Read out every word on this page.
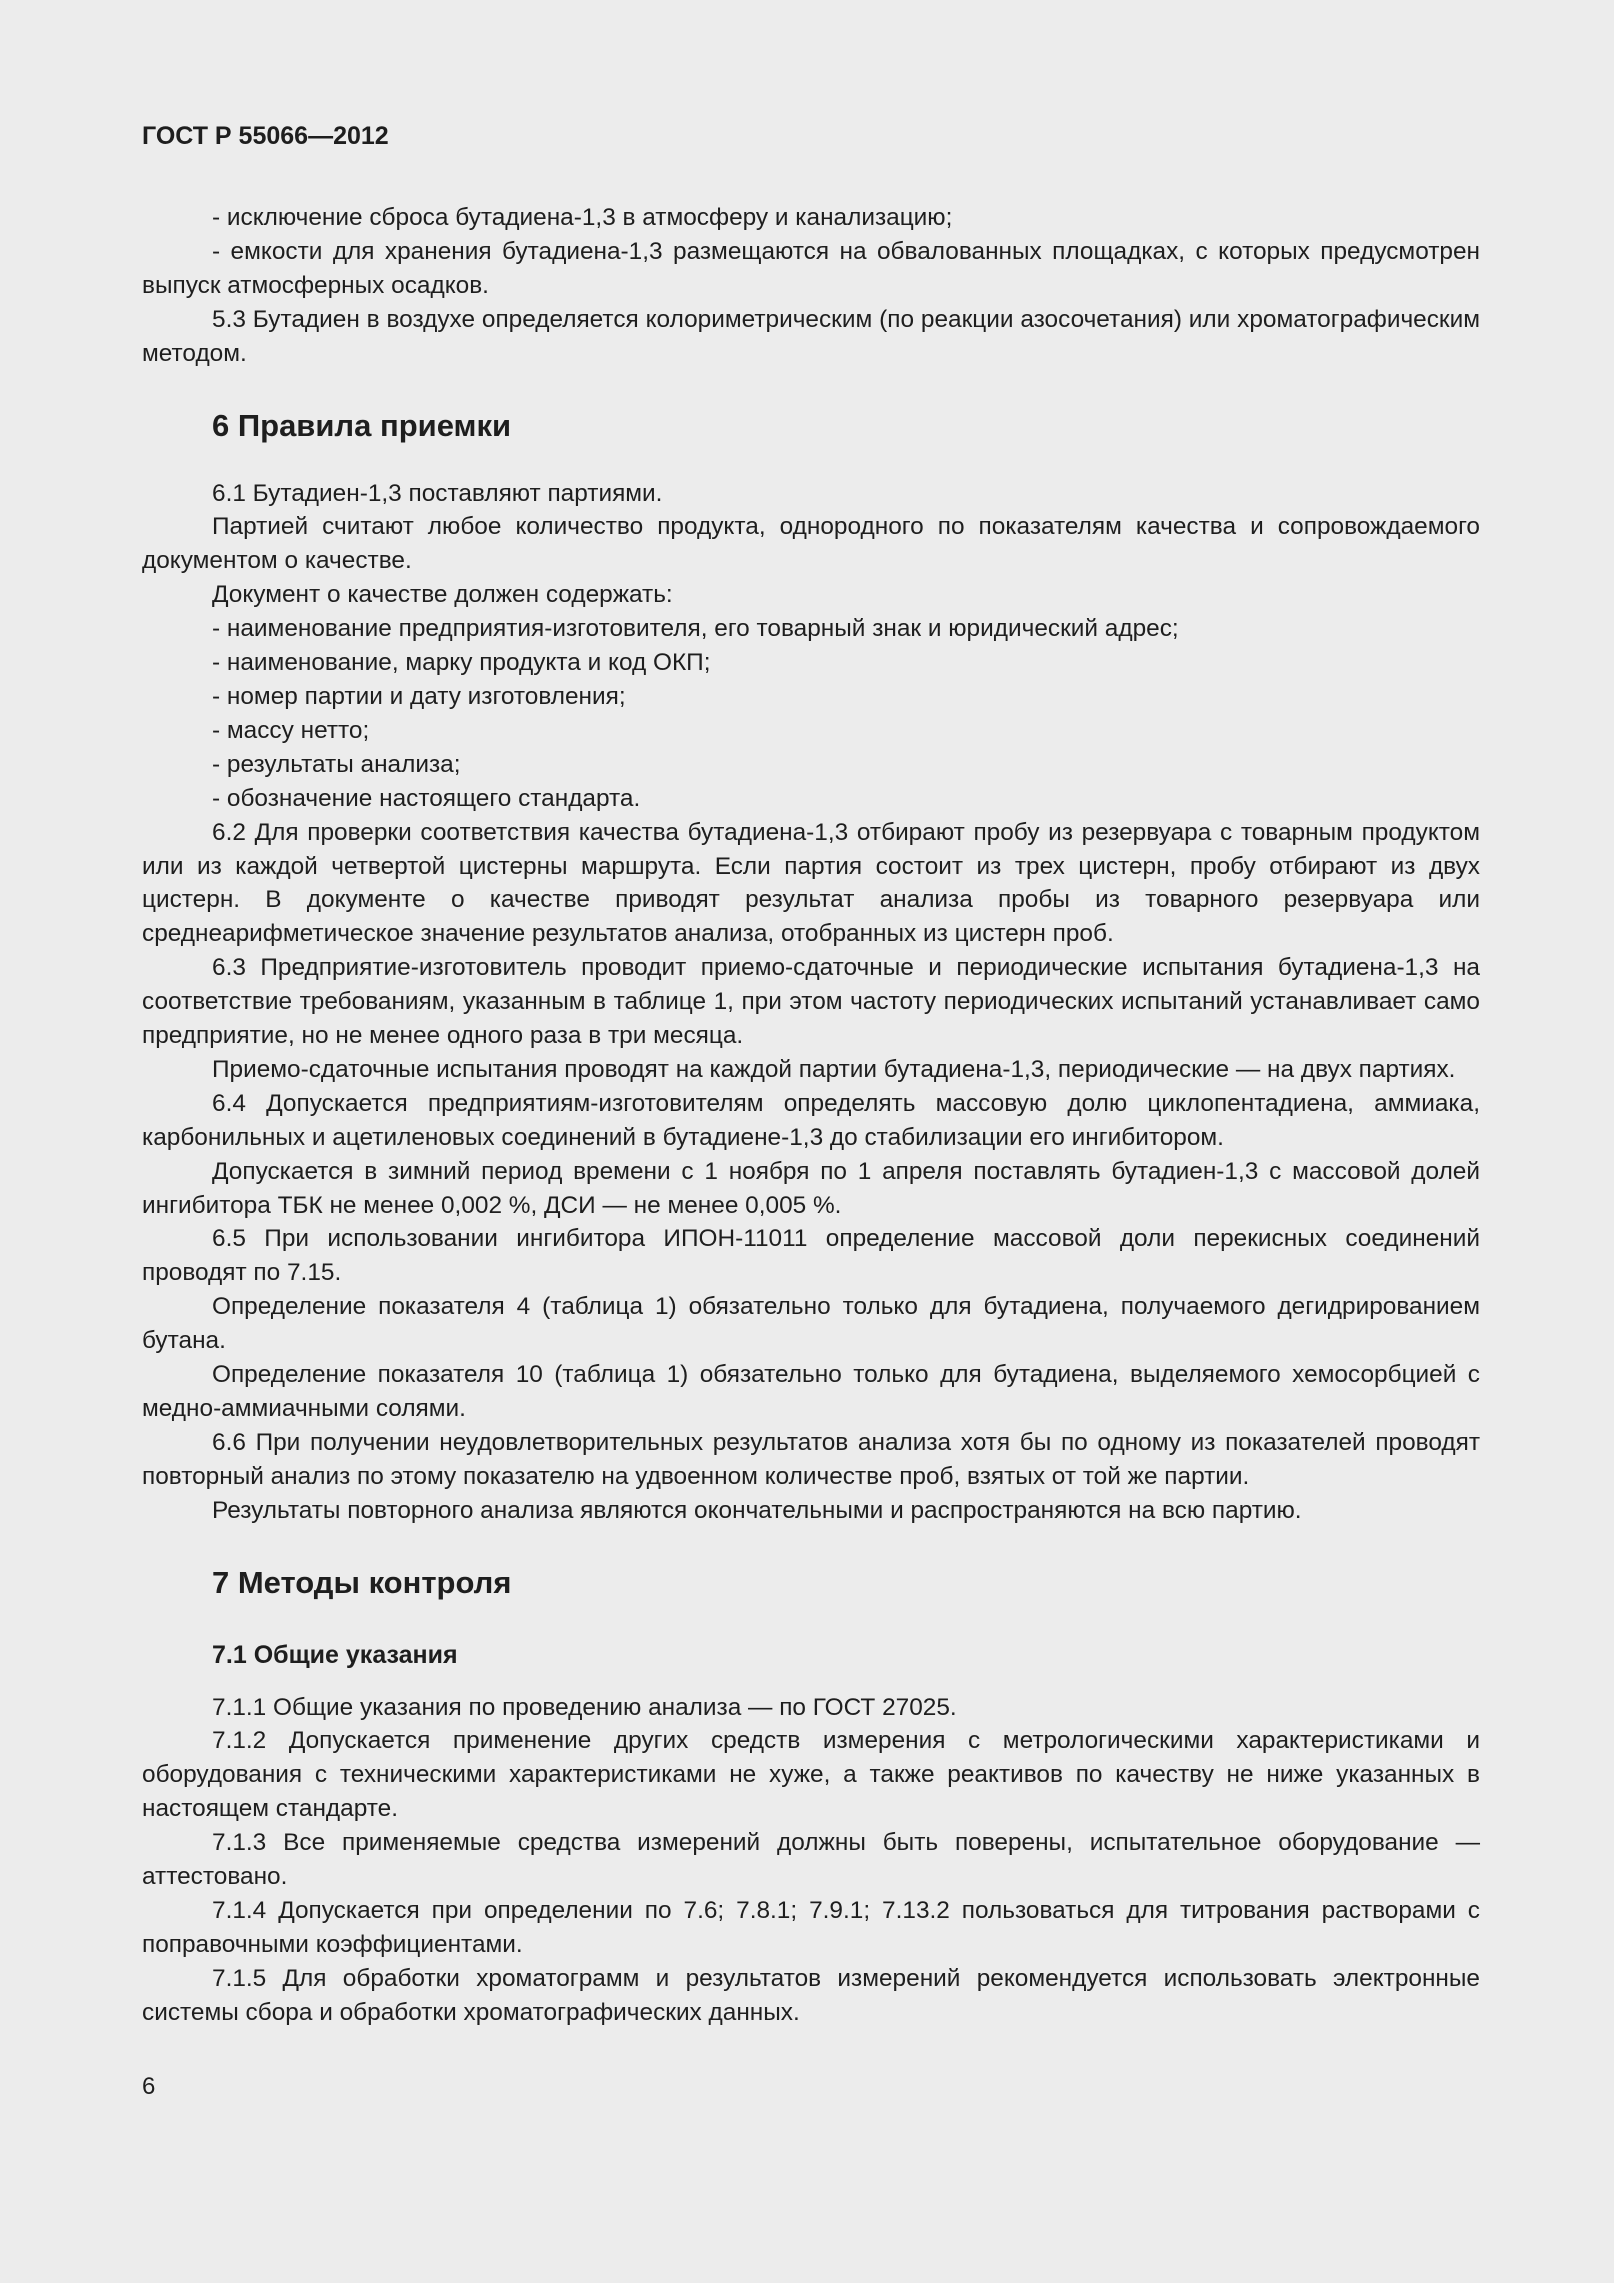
ГОСТ Р 55066—2012

- исключение сброса бутадиена-1,3 в атмосферу и канализацию;

- емкости для хранения бутадиена-1,3 размещаются на обвалованных площадках, с которых предусмотрен выпуск атмосферных осадков.

5.3 Бутадиен в воздухе определяется колориметрическим (по реакции азосочетания) или хроматографическим методом.

6 Правила приемки

6.1 Бутадиен-1,3 поставляют партиями.

Партией считают любое количество продукта, однородного по показателям качества и сопровождаемого документом о качестве.

Документ о качестве должен содержать:

- наименование предприятия-изготовителя, его товарный знак и юридический адрес;

- наименование, марку продукта и код ОКП;

- номер партии и дату изготовления;

- массу нетто;

- результаты анализа;

- обозначение настоящего стандарта.

6.2 Для проверки соответствия качества бутадиена-1,3 отбирают пробу из резервуара с товарным продуктом или из каждой четвертой цистерны маршрута. Если партия состоит из трех цистерн, пробу отбирают из двух цистерн. В документе о качестве приводят результат анализа пробы из товарного резервуара или среднеарифметическое значение результатов анализа, отобранных из цистерн проб.

6.3 Предприятие-изготовитель проводит приемо-сдаточные и периодические испытания бутадиена-1,3 на соответствие требованиям, указанным в таблице 1, при этом частоту периодических испытаний устанавливает само предприятие, но не менее одного раза в три месяца.

Приемо-сдаточные испытания проводят на каждой партии бутадиена-1,3, периодические — на двух партиях.

6.4 Допускается предприятиям-изготовителям определять массовую долю циклопентадиена, аммиака, карбонильных и ацетиленовых соединений в бутадиене-1,3 до стабилизации его ингибитором.

Допускается в зимний период времени с 1 ноября по 1 апреля поставлять бутадиен-1,3 с массовой долей ингибитора ТБК не менее 0,002 %, ДСИ — не менее 0,005 %.

6.5 При использовании ингибитора ИПОН-11011 определение массовой доли перекисных соединений проводят по 7.15.

Определение показателя 4 (таблица 1) обязательно только для бутадиена, получаемого дегидрированием бутана.

Определение показателя 10 (таблица 1) обязательно только для бутадиена, выделяемого хемосорбцией с медно-аммиачными солями.

6.6 При получении неудовлетворительных результатов анализа хотя бы по одному из показателей проводят повторный анализ по этому показателю на удвоенном количестве проб, взятых от той же партии.

Результаты повторного анализа являются окончательными и распространяются на всю партию.

7 Методы контроля

7.1 Общие указания

7.1.1 Общие указания по проведению анализа — по ГОСТ 27025.

7.1.2 Допускается применение других средств измерения с метрологическими характеристиками и оборудования с техническими характеристиками не хуже, а также реактивов по качеству не ниже указанных в настоящем стандарте.

7.1.3 Все применяемые средства измерений должны быть поверены, испытательное оборудование — аттестовано.

7.1.4 Допускается при определении по 7.6; 7.8.1; 7.9.1; 7.13.2 пользоваться для титрования растворами с поправочными коэффициентами.

7.1.5 Для обработки хроматограмм и результатов измерений рекомендуется использовать электронные системы сбора и обработки хроматографических данных.

6
